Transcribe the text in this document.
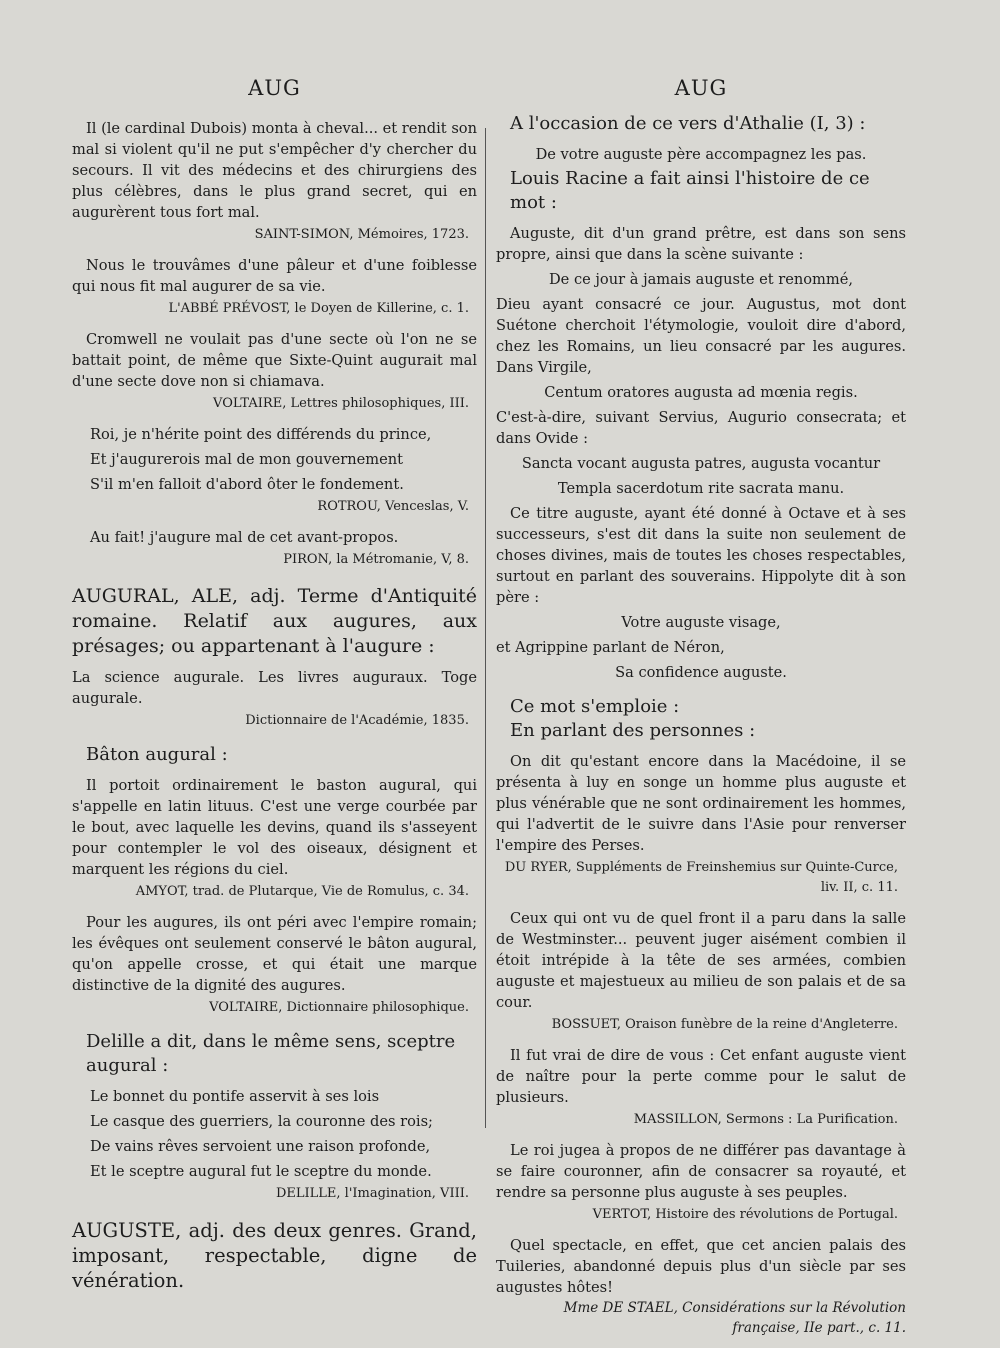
AUG

Il (le cardinal Dubois) monta à cheval... et rendit son mal si violent qu'il ne put s'empêcher d'y chercher du secours. Il vit des médecins et des chirurgiens des plus célèbres, dans le plus grand secret, qui en augurèrent tous fort mal.

SAINT-SIMON, Mémoires, 1723.

Nous le trouvâmes d'une pâleur et d'une foiblesse qui nous fit mal augurer de sa vie.

L'ABBÉ PRÉVOST, le Doyen de Killerine, c. 1.

Cromwell ne voulait pas d'une secte où l'on ne se battait point, de même que Sixte-Quint augurait mal d'une secte dove non si chiamava.

VOLTAIRE, Lettres philosophiques, III.

Roi, je n'hérite point des différends du prince,

Et j'augurerois mal de mon gouvernement

S'il m'en falloit d'abord ôter le fondement.

ROTROU, Venceslas, V.

Au fait! j'augure mal de cet avant-propos.

PIRON, la Métromanie, V, 8.

AUGURAL, ALE, adj. Terme d'Antiquité romaine. Relatif aux augures, aux présages; ou appartenant à l'augure :

La science augurale. Les livres auguraux. Toge augurale.

Dictionnaire de l'Académie, 1835.

Bâton augural :

Il portoit ordinairement le baston augural, qui s'appelle en latin lituus. C'est une verge courbée par le bout, avec laquelle les devins, quand ils s'asseyent pour contempler le vol des oiseaux, désignent et marquent les régions du ciel.

AMYOT, trad. de Plutarque, Vie de Romulus, c. 34.

Pour les augures, ils ont péri avec l'empire romain; les évêques ont seulement conservé le bâton augural, qu'on appelle crosse, et qui était une marque distinctive de la dignité des augures.

VOLTAIRE, Dictionnaire philosophique.

Delille a dit, dans le même sens, sceptre augural :

Le bonnet du pontife asservit à ses lois

Le casque des guerriers, la couronne des rois;

De vains rêves servoient une raison profonde,

Et le sceptre augural fut le sceptre du monde.

DELILLE, l'Imagination, VIII.

AUGUSTE, adj. des deux genres. Grand, imposant, respectable, digne de vénération.

AUG

A l'occasion de ce vers d'Athalie (I, 3) :

De votre auguste père accompagnez les pas.

Louis Racine a fait ainsi l'histoire de ce mot :

Auguste, dit d'un grand prêtre, est dans son sens propre, ainsi que dans la scène suivante :

De ce jour à jamais auguste et renommé,

Dieu ayant consacré ce jour. Augustus, mot dont Suétone cherchoit l'étymologie, vouloit dire d'abord, chez les Romains, un lieu consacré par les augures. Dans Virgile,

Centum oratores augusta ad mœnia regis.

C'est-à-dire, suivant Servius, Augurio consecrata; et dans Ovide :

Sancta vocant augusta patres, augusta vocantur

Templa sacerdotum rite sacrata manu.

Ce titre auguste, ayant été donné à Octave et à ses successeurs, s'est dit dans la suite non seulement de choses divines, mais de toutes les choses respectables, surtout en parlant des souverains. Hippolyte dit à son père :

Votre auguste visage,

et Agrippine parlant de Néron,

Sa confidence auguste.

Ce mot s'emploie :

En parlant des personnes :

On dit qu'estant encore dans la Macédoine, il se présenta à luy en songe un homme plus auguste et plus vénérable que ne sont ordinairement les hommes, qui l'advertit de le suivre dans l'Asie pour renverser l'empire des Perses.

DU RYER, Suppléments de Freinshemius sur Quinte-Curce, liv. II, c. 11.

Ceux qui ont vu de quel front il a paru dans la salle de Westminster... peuvent juger aisément combien il étoit intrépide à la tête de ses armées, combien auguste et majestueux au milieu de son palais et de sa cour.

BOSSUET, Oraison funèbre de la reine d'Angleterre.

Il fut vrai de dire de vous : Cet enfant auguste vient de naître pour la perte comme pour le salut de plusieurs.

MASSILLON, Sermons : La Purification.

Le roi jugea à propos de ne différer pas davantage à se faire couronner, afin de consacrer sa royauté, et rendre sa personne plus auguste à ses peuples.

VERTOT, Histoire des révolutions de Portugal.

Quel spectacle, en effet, que cet ancien palais des Tuileries, abandonné depuis plus d'un siècle par ses augustes hôtes!

Mme DE STAEL, Considérations sur la Révolution française, IIe part., c. 11.
